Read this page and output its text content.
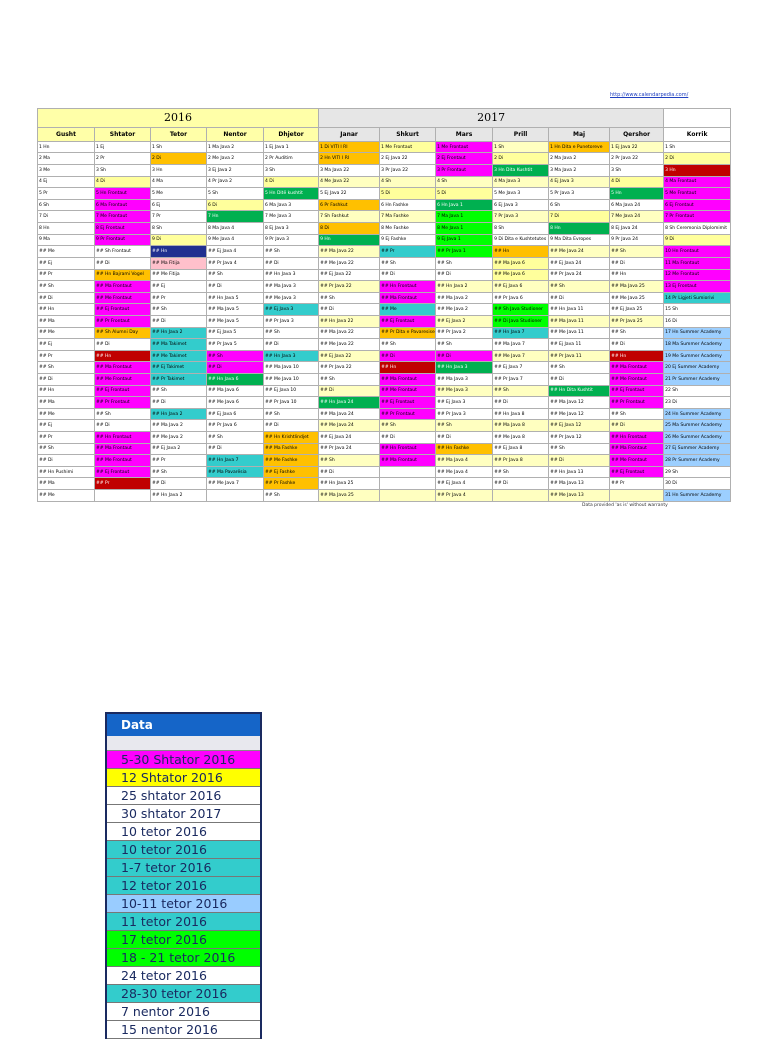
http://www.calendarpedia.com/
2016					2017						
Gusht	Shtator	Tetor	Nentor	Dhjetor	Janar	Shkurt	Mars	Prill	Maj	Qershor	Korrik
1 Hn	1 Ej	1 Sh	1 Ma Java 2	1 Ej Java 1	1 Di VITI I RI	1 Me Frontaut	1 Me Frontaut	1 Sh	1 Hn Dita e Punetoreve	1 Ej Java 22	1 Sh
2 Ma	2 Pr	2 Di	2 Me Java 2	2 Pr Auditim	2 Hn VITI I RI	2 Ej Java 22	2 Ej Frontaut	2 Di	2 Ma Java 2	2 Pr Java 22	2 Di
3 Me	3 Sh	3 Hn	3 Ej Java 2	3 Sh	3 Ma Java 22	3 Pr Java 22	3 Pr Frontaut	3 Hn Dita Kushtit	3 Ma Java 2	3 Sh	3 Hn
4 Ej	4 Di	4 Ma	4 Pr Java 2	4 Di	4 Me Java 22	4 Sh	4 Sh	4 Ma Java 3	4 Ej Java 3	4 Di	4 Ma Frontaut
5 Pr	5 Hn Frontaut	5 Me	5 Sh	5 Hn Ditë kushtit	5 Ej Java 22	5 Di	5 Di	5 Me Java 3	5 Pr Java 3	5 Hn	5 Me Frontaut
6 Sh	6 Ma Frontaut	6 Ej	6 Di	6 Ma Java 3	6 Pr Fashkut	6 Hn Fashke	6 Hn Java 1	6 Ej Java 3	6 Sh	6 Ma Java 24	6 Ej Frontaut
7 Di	7 Me Frontaut	7 Pr	7 Hn	7 Me Java 3	7 Sh Fashkut	7 Ma Fashke	7 Ma Java 1	7 Pr Java 3	7 Di	7 Me Java 24	7 Pr Frontaut
8 Hn	8 Ej Frontaut	8 Sh	8 Ma Java 4	8 Ej Java 3	8 Di	8 Me Fashke	8 Me Java 1	8 Sh	8 Hn	8 Ej Java 24	8 Sh Ceremonia Diplomimit
9 Ma	9 Pr Frontaut	9 Di	9 Me Java 4	9 Pr Java 3	9 Hn	9 Ej Fashke	9 Ej Java 1	9 Di Dita e Kushtetutes	9 Ma Dita Evropes	9 Pr Java 24	9 Di
## Me	## Sh Frontaut	## Hn	## Ej Java 4	## Sh	## Ma Java 22	## Pr	## Pr Java 1	## Hn	## Me Java 24	## Sh	10 Hn Frontaut
## Ej	## Di	## Ma Fitija	## Pr Java 4	## Di	## Me Java 22	## Sh	## Sh	## Ma Java 6	## Ej Java 24	## Di	11 Ma Frontaut
## Pr	## Hn Bajrami Vogel	## Me Fitija	## Sh	## Hn Java 3	## Ej Java 22	## Di	## Di	## Me Java 6	## Pr Java 24	## Hn	12 Me Frontaut
## Sh	## Ma Frontaut	## Ej	## Di	## Ma Java 3	## Pr Java 22	## Hn Frontaut	## Hn Java 2	## Ej Java 6	## Sh	## Ma Java 25	13 Ej Frontaut
## Di	## Me Frontaut	## Pr	## Hn Java 5	## Me Java 3	## Sh	## Ma Frontaut	## Ma Java 2	## Pr Java 6	## Di	## Me Java 25	14 Pr Ligjeti Sumiorivi
## Hn	## Ej Frontaut	## Sh	## Ma Java 5	## Ej Java 3	## Di	## Me	## Me Java 2	## Sh Java Studioner	## Hn Java 11	## Ej Java 25	15 Sh
## Ma	## Pr Frontaut	## Di	## Me Java 5	## Pr Java 3	## Hn Java 22	## Ej Frontaut	## Ej Java 2	## Di Java Studioner	## Ma Java 11	## Pr Java 25	16 Di
## Me	## Sh Alumni Day	## Hn Java 2	## Ej Java 5	## Sh	## Ma Java 22	## Pr Dita e Pavaresise	## Pr Java 2	## Hn Java 7	## Me Java 11	## Sh	17 Hn Summer Academy
## Ej	## Di	## Ma Takimet	## Pr Java 5	## Di	## Me Java 22	## Sh	## Sh	## Ma Java 7	## Ej Java 11	## Di	18 Ma Summer Academy
## Pr	## Hn	## Me Takimet	## Sh	## Hn Java 3	## Ej Java 22	## Di	## Di	## Me Java 7	## Pr Java 11	## Hn	19 Me Summer Academy
## Sh	## Ma Frontaut	## Ej Takimet	## Di	## Ma Java 10	## Pr Java 22	## Hn	## Hn Java 3	## Ej Java 7	## Sh	## Ma Frontaut	20 Ej Summer Academy
## Di	## Me Frontaut	## Pr Takimet	## Hn Java 6	## Me Java 10	## Sh	## Ma Frontaut	## Ma Java 3	## Pr Java 7	## Di	## Me Frontaut	21 Pr Summer Academy
## Hn	## Ej Frontaut	## Sh	## Ma Java 6	## Ej Java 10	## Di	## Me Frontaut	## Me Java 3	## Sh	## Hn Dita Kushtit	## Ej Frontaut	22 Sh
## Ma	## Pr Frontaut	## Di	## Me Java 6	## Pr Java 10	## Hn Java 24	## Ej Frontaut	## Ej Java 3	## Di	## Ma Java 12	## Pr Frontaut	23 Di
## Me	## Sh	## Hn Java 2	## Ej Java 6	## Sh	## Ma Java 24	## Pr Frontaut	## Pr Java 3	## Hn Java 8	## Me Java 12	## Sh	24 Hn Summer Academy
## Ej	## Di	## Ma Java 2	## Pr Java 6	## Di	## Me Java 24	## Sh	## Sh	## Ma Java 8	## Ej Java 12	## Di	25 Ma Summer Academy
## Pr	## Hn Frontaut	## Me Java 2	## Sh	## Hn Krishtlindjet	## Ej Java 24	## Di	## Di	## Me Java 8	## Pr Java 12	## Hn Frontaut	26 Me Summer Academy
## Sh	## Ma Frontaut	## Ej Java 2	## Di	## Ma Fashke	## Pr Java 24	## Hn Frontaut	## Hn Fashke	## Ej Java 8	## Sh	## Ma Frontaut	27 Ej Summer Academy
## Di	## Me Frontaut	## Pr	## Hn Java 7	## Me Fashke	## Sh	## Ma Frontaut	## Ma Java 4	## Pr Java 8	## Di	## Me Frontaut	28 Pr Summer Academy
## Hn Pushimi	## Ej Frontaut	## Sh	## Ma Pavarësia	## Ej Fashke	## Di		## Me Java 4	## Sh	## Hn Java 13	## Ej Frontaut	29 Sh
## Ma	## Pr	## Di	## Me Java 7	## Pr Fashke	## Hn Java 25		## Ej Java 4	## Di	## Ma Java 13	## Pr	30 Di
## Me		## Hn Java 2		## Sh	## Ma Java 25		## Pr Java 4		## Me Java 13		31 Hn Summer Academy
Data provided 'as is' without warranty
Data
5-30 Shtator 2016
12 Shtator 2016
25 shtator 2016
30 shtator 2017
10 tetor 2016
10 tetor 2016
1-7 tetor 2016
12 tetor 2016
10-11 tetor 2016
11 tetor 2016
17 tetor 2016
18 - 21 tetor 2016
24 tetor 2016
28-30 tetor 2016
7 nentor 2016
15 nentor 2016
